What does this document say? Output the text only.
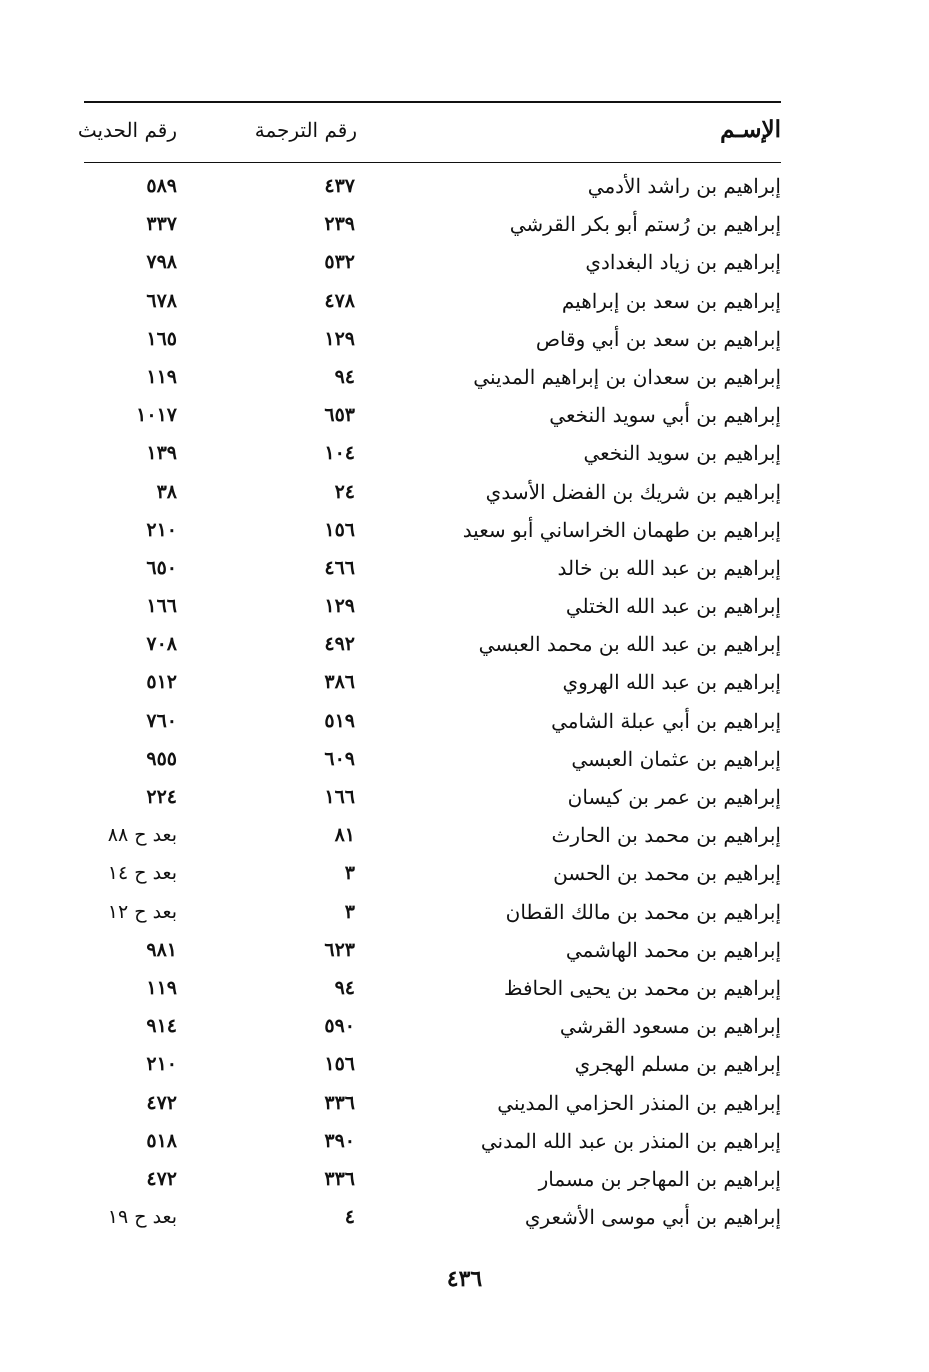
الإسـم
رقم الترجمة
رقم الحديث
إبراهيم بن راشد الأدمي
٤٣٧
٥٨٩
إبراهيم بن رُستم أبو بكر القرشي
٢٣٩
٣٣٧
إبراهيم بن زياد البغدادي
٥٣٢
٧٩٨
إبراهيم بن سعد بن إبراهيم
٤٧٨
٦٧٨
إبراهيم بن سعد بن أبي وقاص
١٢٩
١٦٥
إبراهيم بن سعدان بن إبراهيم المديني
٩٤
١١٩
إبراهيم بن أبي سويد النخعي
٦٥٣
١٠١٧
إبراهيم بن سويد النخعي
١٠٤
١٣٩
إبراهيم بن شريك بن الفضل الأسدي
٢٤
٣٨
إبراهيم بن طهمان الخراساني أبو سعيد
١٥٦
٢١٠
إبراهيم بن عبد الله بن خالد
٤٦٦
٦٥٠
إبراهيم بن عبد الله الختلي
١٢٩
١٦٦
إبراهيم بن عبد الله بن محمد العبسي
٤٩٢
٧٠٨
إبراهيم بن عبد الله الهروي
٣٨٦
٥١٢
إبراهيم بن أبي عبلة الشامي
٥١٩
٧٦٠
إبراهيم بن عثمان العبسي
٦٠٩
٩٥٥
إبراهيم بن عمر بن كيسان
١٦٦
٢٢٤
إبراهيم بن محمد بن الحارث
٨١
بعد ح ٨٨
إبراهيم بن محمد بن الحسن
٣
بعد ح ١٤
إبراهيم بن محمد بن مالك القطان
٣
بعد ح ١٢
إبراهيم بن محمد الهاشمي
٦٢٣
٩٨١
إبراهيم بن محمد بن يحيى الحافظ
٩٤
١١٩
إبراهيم بن مسعود القرشي
٥٩٠
٩١٤
إبراهيم بن مسلم الهجري
١٥٦
٢١٠
إبراهيم بن المنذر الحزامي المديني
٣٣٦
٤٧٢
إبراهيم بن المنذر بن عبد الله المدني
٣٩٠
٥١٨
إبراهيم بن المهاجر بن مسمار
٣٣٦
٤٧٢
إبراهيم بن أبي موسى الأشعري
٤
بعد ح ١٩
٤٣٦
